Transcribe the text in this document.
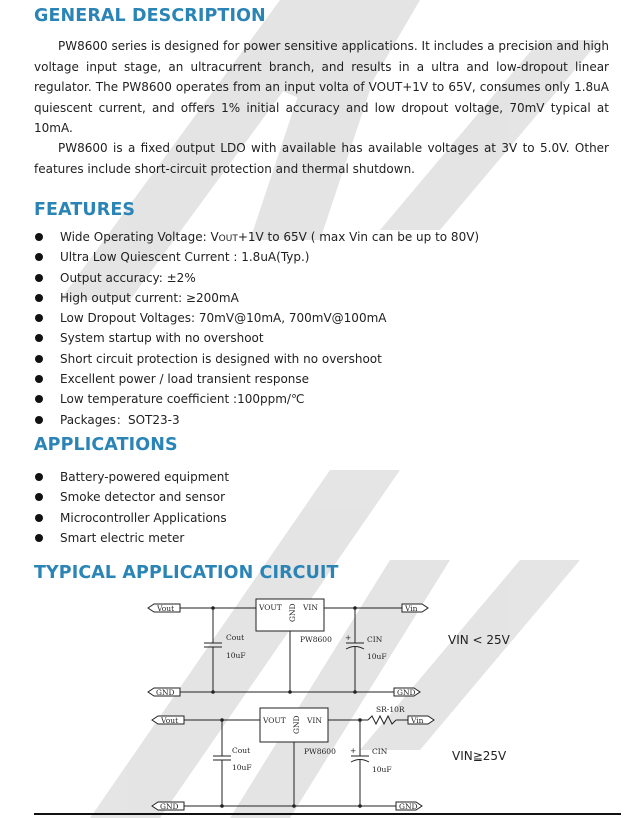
GENERAL DESCRIPTION

PW8600 series is designed for power sensitive applications. It includes a precision and high voltage input stage, an ultracurrent branch, and results in a ultra and low-dropout linear regulator. The PW8600 operates from an input volta of VOUT+1V to 65V, consumes only 1.8uA quiescent current, and offers 1% initial accuracy and low dropout voltage, 70mV typical at 10mA.

PW8600 is a fixed output LDO with available has available voltages at 3V to 5.0V. Other features include short-circuit protection and thermal shutdown.

FEATURES
Wide Operating Voltage: VOUT+1V to 65V ( max Vin can be up to 80V)
Ultra Low Quiescent Current : 1.8uA(Typ.)
Output accuracy: ±2%
High output current: ≥200mA
Low Dropout Voltages: 70mV@10mA, 700mV@100mA
System startup with no overshoot
Short circuit protection is designed with no overshoot
Excellent power / load transient response
Low temperature coefficient :100ppm/℃
Packages：SOT23-3
APPLICATIONS
Battery-powered equipment
Smoke detector and sensor
Microcontroller Applications
Smart electric meter
TYPICAL APPLICATION CIRCUIT
Vout	Vin
GND	GND
VOUT	VIN
GND
PW8600
Cout
10uF
+ CIN
10uF
VIN < 25V
Vout	Vin
GND	GND
VOUT	VIN
GND
PW8600
SR-10R
Cout
10uF
+ CIN
10uF
VIN≧25V
